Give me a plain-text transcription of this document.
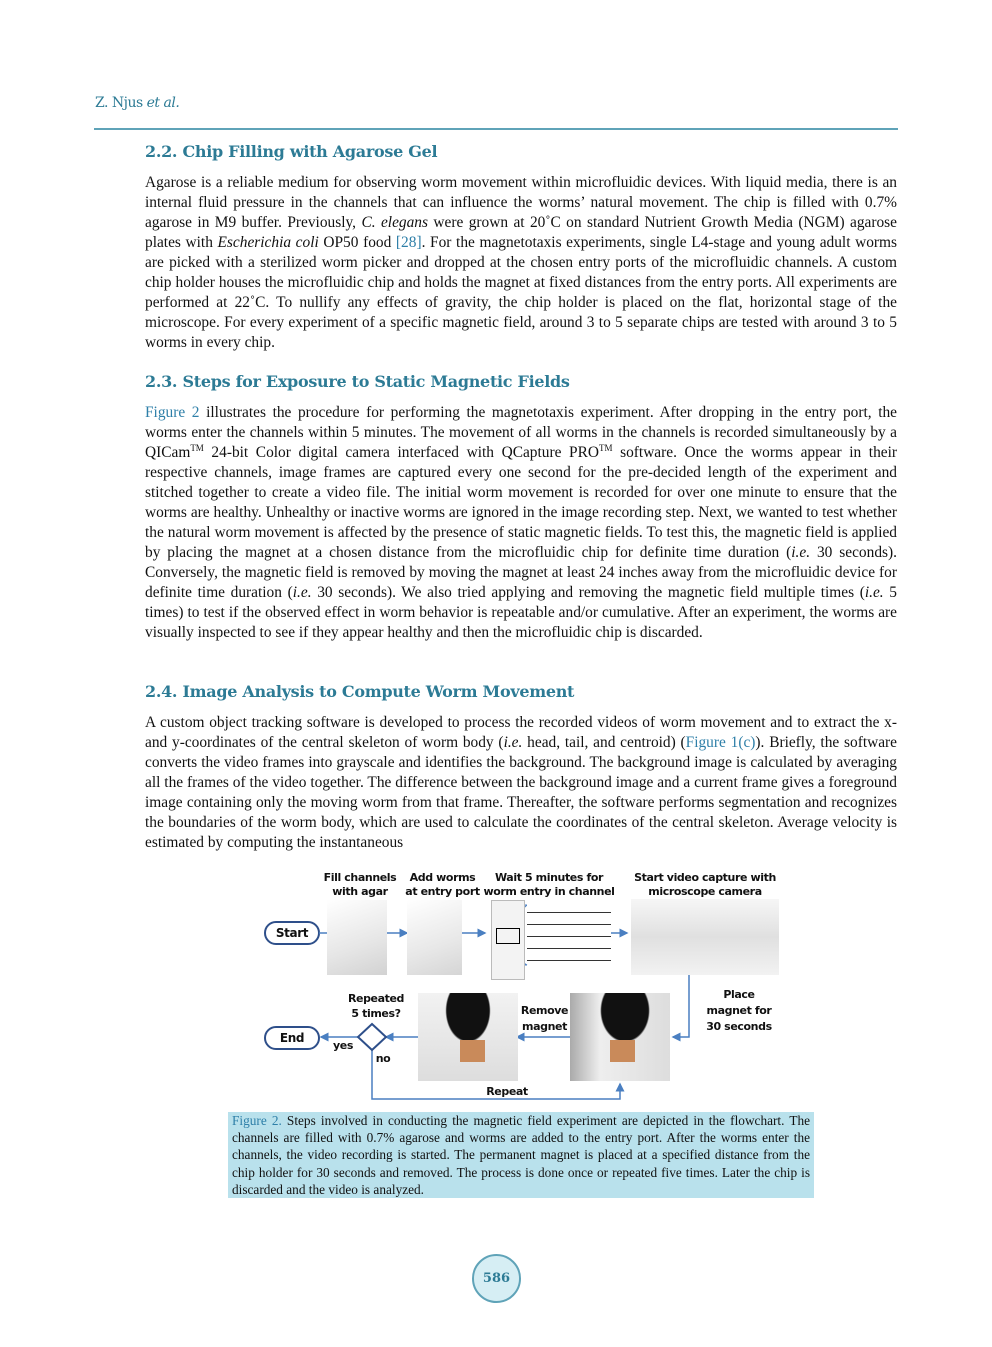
Z. Njus et al.
2.2. Chip Filling with Agarose Gel
Agarose is a reliable medium for observing worm movement within microfluidic devices. With liquid media, there is an internal fluid pressure in the channels that can influence the worms’ natural movement. The chip is filled with 0.7% agarose in M9 buffer. Previously, C. elegans were grown at 20˚C on standard Nutrient Growth Media (NGM) agarose plates with Escherichia coli OP50 food [28]. For the magnetotaxis experiments, single L4-stage and young adult worms are picked with a sterilized worm picker and dropped at the chosen entry ports of the microfluidic channels. A custom chip holder houses the microfluidic chip and holds the magnet at fixed distances from the entry ports. All experiments are performed at 22˚C. To nullify any effects of gravity, the chip holder is placed on the flat, horizontal stage of the microscope. For every experiment of a specific magnetic field, around 3 to 5 separate chips are tested with around 3 to 5 worms in every chip.
2.3. Steps for Exposure to Static Magnetic Fields
Figure 2 illustrates the procedure for performing the magnetotaxis experiment. After dropping in the entry port, the worms enter the channels within 5 minutes. The movement of all worms in the channels is recorded simultaneously by a QICam™ 24-bit Color digital camera interfaced with QCapture PRO™ software. Once the worms appear in their respective channels, image frames are captured every one second for the pre-decided length of the experiment and stitched together to create a video file. The initial worm movement is recorded for over one minute to ensure that the worms are healthy. Unhealthy or inactive worms are ignored in the image recording step. Next, we wanted to test whether the natural worm movement is affected by the presence of static magnetic fields. To test this, the magnetic field is applied by placing the magnet at a chosen distance from the microfluidic chip for definite time duration (i.e. 30 seconds). Conversely, the magnetic field is removed by moving the magnet at least 24 inches away from the microfluidic device for definite time duration (i.e. 30 seconds). We also tried applying and removing the magnetic field multiple times (i.e. 5 times) to test if the observed effect in worm behavior is repeatable and/or cumulative. After an experiment, the worms are visually inspected to see if they appear healthy and then the microfluidic chip is discarded.
2.4. Image Analysis to Compute Worm Movement
A custom object tracking software is developed to process the recorded videos of worm movement and to extract the x- and y-coordinates of the central skeleton of worm body (i.e. head, tail, and centroid) (Figure 1(c)). Briefly, the software converts the video frames into grayscale and identifies the background. The background image is calculated by averaging all the frames of the video together. The difference between the background image and a current frame gives a foreground image containing only the moving worm from that frame. Thereafter, the software performs segmentation and recognizes the boundaries of the worm body, which are used to calculate the coordinates of the central skeleton. Average velocity is estimated by computing the instantaneous
Start
End
Fill channels
with agar
Add worms
at entry port
Wait 5 minutes for
worm entry in channel
Start video capture with
microscope camera
Place
magnet for
30 seconds
Remove
magnet
Repeated
5 times?
yes
no
Repeat
Figure 2. Steps involved in conducting the magnetic field experiment are depicted in the flowchart. The channels are filled with 0.7% agarose and worms are added to the entry port. After the worms enter the channels, the video recording is started. The permanent magnet is placed at a specified distance from the chip holder for 30 seconds and removed. The process is done once or repeated five times. Later the chip is discarded and the video is analyzed.
586
